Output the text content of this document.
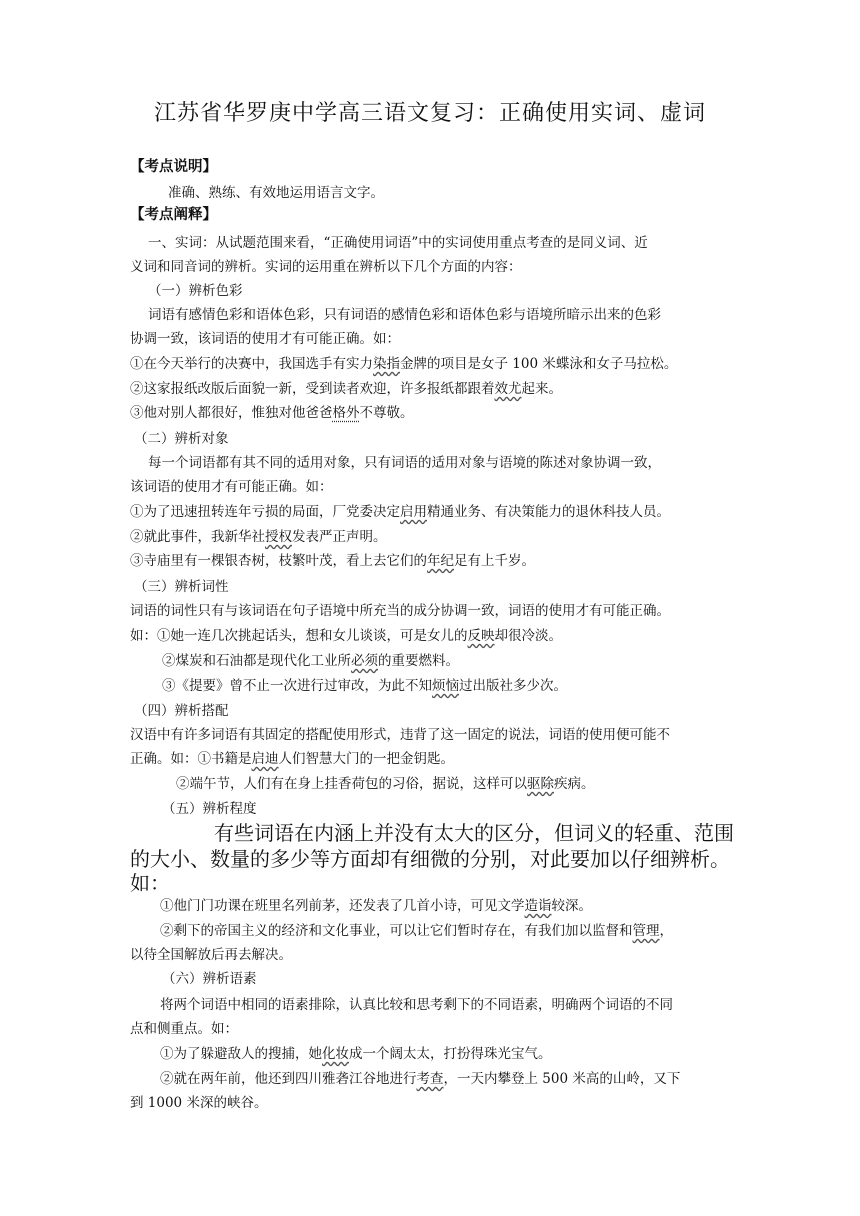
江苏省华罗庚中学高三语文复习：正确使用实词、虚词
【考点说明】
准确、熟练、有效地运用语言文字。
【考点阐释】
一、实词：从试题范围来看，“正确使用词语”中的实词使用重点考查的是同义词、近
义词和同音词的辨析。实词的运用重在辨析以下几个方面的内容：
（一）辨析色彩
词语有感情色彩和语体色彩，只有词语的感情色彩和语体色彩与语境所暗示出来的色彩
协调一致，该词语的使用才有可能正确。如：
①在今天举行的决赛中，我国选手有实力染指金牌的项目是女子 100 米蝶泳和女子马拉松。
②这家报纸改版后面貌一新，受到读者欢迎，许多报纸都跟着效尤起来。
③他对别人都很好，惟独对他爸爸格外不尊敬。
（二）辨析对象
每一个词语都有其不同的适用对象，只有词语的适用对象与语境的陈述对象协调一致，
该词语的使用才有可能正确。如：
①为了迅速扭转连年亏损的局面，厂党委决定启用精通业务、有决策能力的退休科技人员。
②就此事件，我新华社授权发表严正声明。
③寺庙里有一棵银杏树，枝繁叶茂，看上去它们的年纪足有上千岁。
（三）辨析词性
词语的词性只有与该词语在句子语境中所充当的成分协调一致，词语的使用才有可能正确。
如：①她一连几次挑起话头，想和女儿谈谈，可是女儿的反映却很冷淡。
②煤炭和石油都是现代化工业所必须的重要燃料。
③《提要》曾不止一次进行过审改，为此不知烦恼过出版社多少次。
（四）辨析搭配
汉语中有许多词语有其固定的搭配使用形式，违背了这一固定的说法，词语的使用便可能不
正确。如：①书籍是启迪人们智慧大门的一把金钥匙。
②端午节，人们有在身上挂香荷包的习俗，据说，这样可以驱除疾病。
（五）辨析程度
有些词语在内涵上并没有太大的区分，但词义的轻重、范围
的大小、数量的多少等方面却有细微的分别，对此要加以仔细辨析。
如：
①他门门功课在班里名列前茅，还发表了几首小诗，可见文学造诣较深。
②剩下的帝国主义的经济和文化事业，可以让它们暂时存在，有我们加以监督和管理，
以待全国解放后再去解决。
（六）辨析语素
将两个词语中相同的语素排除，认真比较和思考剩下的不同语素，明确两个词语的不同
点和侧重点。如：
①为了躲避敌人的搜捕，她化妆成一个阔太太，打扮得珠光宝气。
②就在两年前，他还到四川雅砻江谷地进行考查，一天内攀登上 500 米高的山岭，又下
到 1000 米深的峡谷。
